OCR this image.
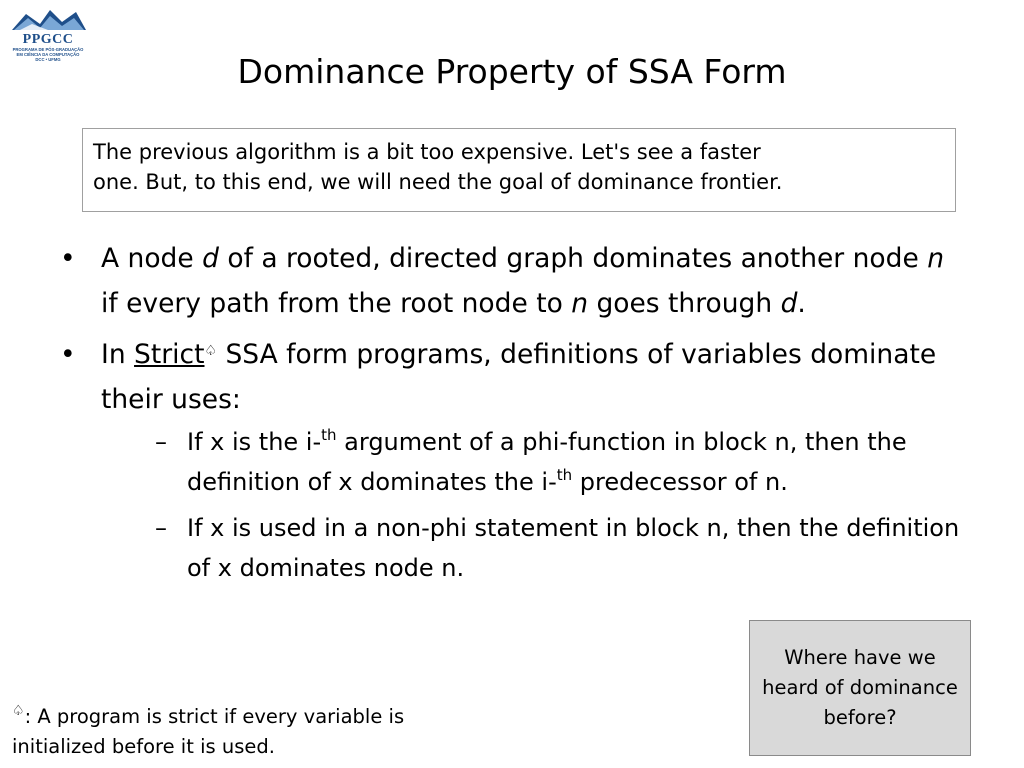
PPGCC
PROGRAMA DE PÓS-GRADUAÇÃO
EM CIÊNCIA DA COMPUTAÇÃO
DCC • UFMG	Dominance Property of SSA Form
The previous algorithm is a bit too expensive. Let's see a faster
one. But, to this end, we will need the goal of dominance frontier.
• A node d of a rooted, directed graph dominates another node n if every path from the root node to n goes through d.
• In Strict♤ SSA form programs, definitions of variables dominate their uses:
– If x is the i-$^{th}$ argument of a phi-function in block n, then the definition of x dominates the i-$^{th}$ predecessor of n.
– If x is used in a non-phi statement in block n, then the definition of x dominates node n.
Where have we heard of dominance before?
♤: A program is strict if every variable is initialized before it is used.
